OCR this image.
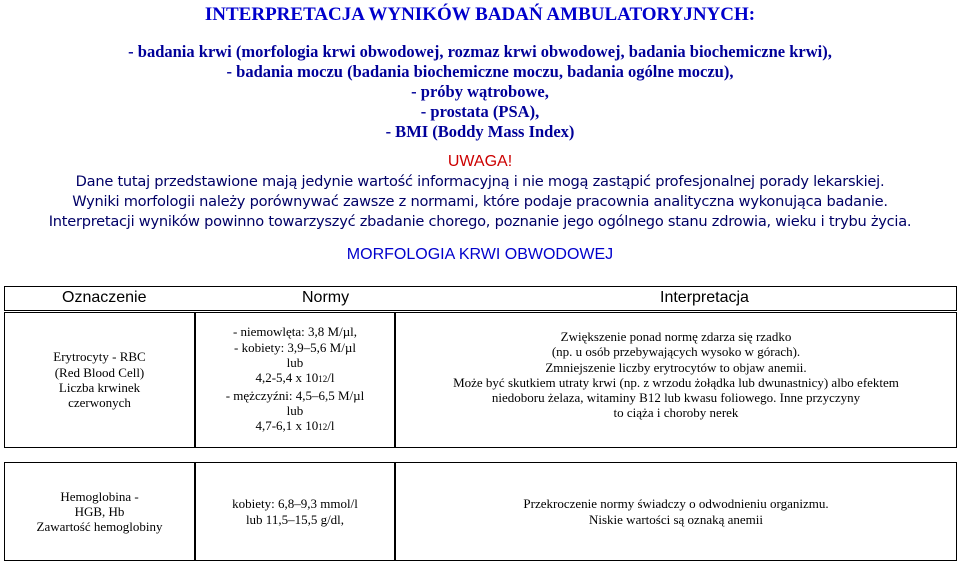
INTERPRETACJA WYNIKÓW BADAŃ AMBULATORYJNYCH:
- badania krwi (morfologia krwi obwodowej, rozmaz krwi obwodowej, badania biochemiczne krwi),
- badania moczu (badania biochemiczne moczu, badania ogólne moczu),
- próby wątrobowe,
- prostata (PSA),
- BMI (Boddy Mass Index)
UWAGA!
Dane tutaj przedstawione mają jedynie wartość informacyjną i nie mogą zastąpić profesjonalnej porady lekarskiej.
Wyniki morfologii należy porównywać zawsze z normami, które podaje pracownia analityczna wykonująca badanie.
Interpretacji wyników powinno towarzyszyć zbadanie chorego, poznanie jego ogólnego stanu zdrowia, wieku i trybu życia.
MORFOLOGIA KRWI OBWODOWEJ
Oznaczenie	Normy	Interpretacja
Erytrocyty - RBC
(Red Blood Cell)
Liczba krwinek
czerwonych
- niemowlęta: 3,8 M/µl,
- kobiety: 3,9–5,6 M/µl
lub
4,2-5,4 x 1012/l
- mężczyźni: 4,5–6,5 M/µl
lub
4,7-6,1 x 1012/l
Zwiększenie ponad normę zdarza się rzadko
(np. u osób przebywających wysoko w górach).
Zmniejszenie liczby erytrocytów to objaw anemii.
Może być skutkiem utraty krwi (np. z wrzodu żołądka lub dwunastnicy) albo efektem
niedoboru żelaza, witaminy B12 lub kwasu foliowego. Inne przyczyny
to ciąża i choroby nerek
Hemoglobina -
HGB, Hb
Zawartość hemoglobiny
kobiety: 6,8–9,3 mmol/l
lub 11,5–15,5 g/dl,
Przekroczenie normy świadczy o odwodnieniu organizmu.
Niskie wartości są oznaką anemii
